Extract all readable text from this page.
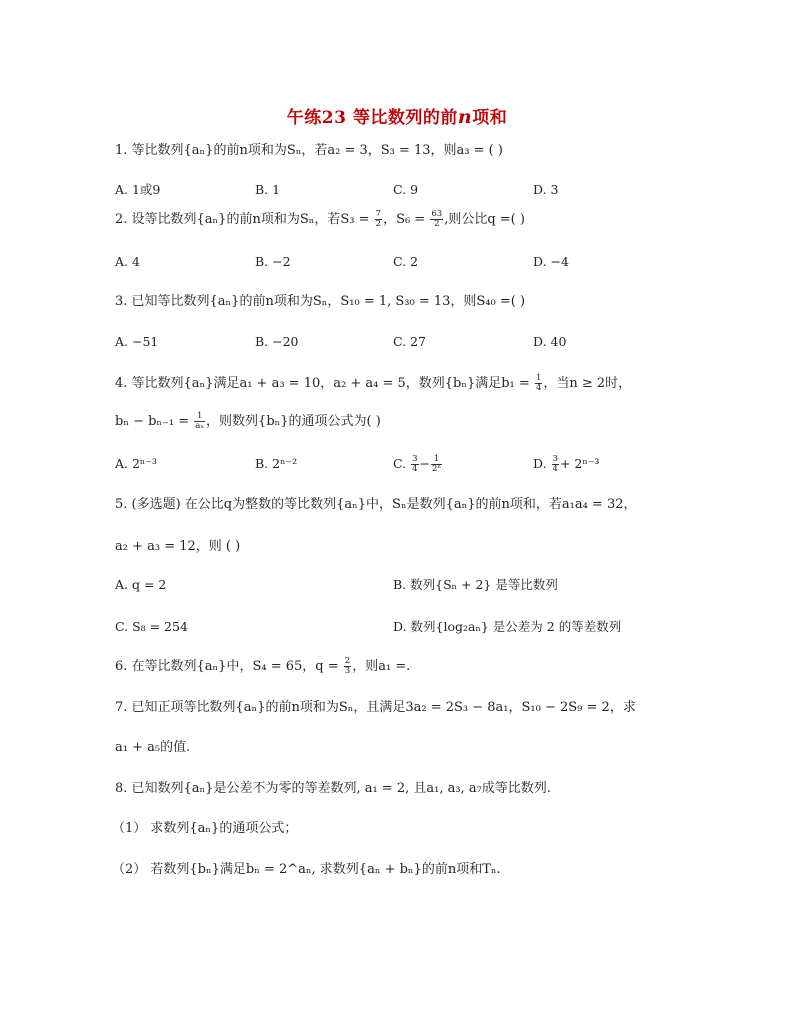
午练23 等比数列的前n项和
1. 等比数列{aₙ}的前n项和为Sₙ，若a₂ = 3，S₃ = 13，则a₃ = ( )
A. 1或9	B. 1	C. 9	D. 3
2. 设等比数列{aₙ}的前n项和为Sₙ，若$S_3 = \frac{7}{2}$ ，$S_6 = \frac{63}{2}$ ,则公比q =( )
A. 4	B. −2	C. 2	D. −4
3. 已知等比数列{aₙ}的前n项和为Sₙ，S₁₀ = 1, S₃₀ = 13，则S₄₀ =( )
A. −51	B. −20	C. 27	D. 40
4. 等比数列{aₙ}满足a₁ + a₃ = 10，a₂ + a₄ = 5，数列{bₙ}满足$b_1 = \frac{1}{4}$ ，当n ≥ 2时，
$b_n - b_{n-1} = \frac{1}{\text{aₙ}}$ ，则数列{bₙ}的通项公式为( )
A. 2ⁿ⁻³	B. 2ⁿ⁻²	C. $\frac{3}{4} - \frac{1}{\text{2ⁿ}}$	D. $\frac{3}{4} + 2^{n-3}$
5. (多选题) 在公比q为整数的等比数列{aₙ}中，Sₙ是数列{aₙ}的前n项和，若a₁a₄ = 32，
a₂ + a₃ = 12，则 ( )
A. q = 2	B. 数列{Sₙ + 2} 是等比数列
C. S₈ = 254	D. 数列{log₂aₙ} 是公差为 2 的等差数列
6. 在等比数列{aₙ}中，S₄ = 65，$q = \frac{2}{3}$ ，则a₁ =.
7. 已知正项等比数列{aₙ}的前n项和为Sₙ，且满足3a₂ = 2S₃ − 8a₁，S₁₀ − 2S₉ = 2，求
a₁ + a₅的值.
8. 已知数列{aₙ}是公差不为零的等差数列, a₁ = 2, 且a₁, a₃, a₇成等比数列.
（1） 求数列{aₙ}的通项公式；
（2） 若数列{bₙ}满足bₙ = 2^aₙ, 求数列{aₙ + bₙ}的前n项和Tₙ.
